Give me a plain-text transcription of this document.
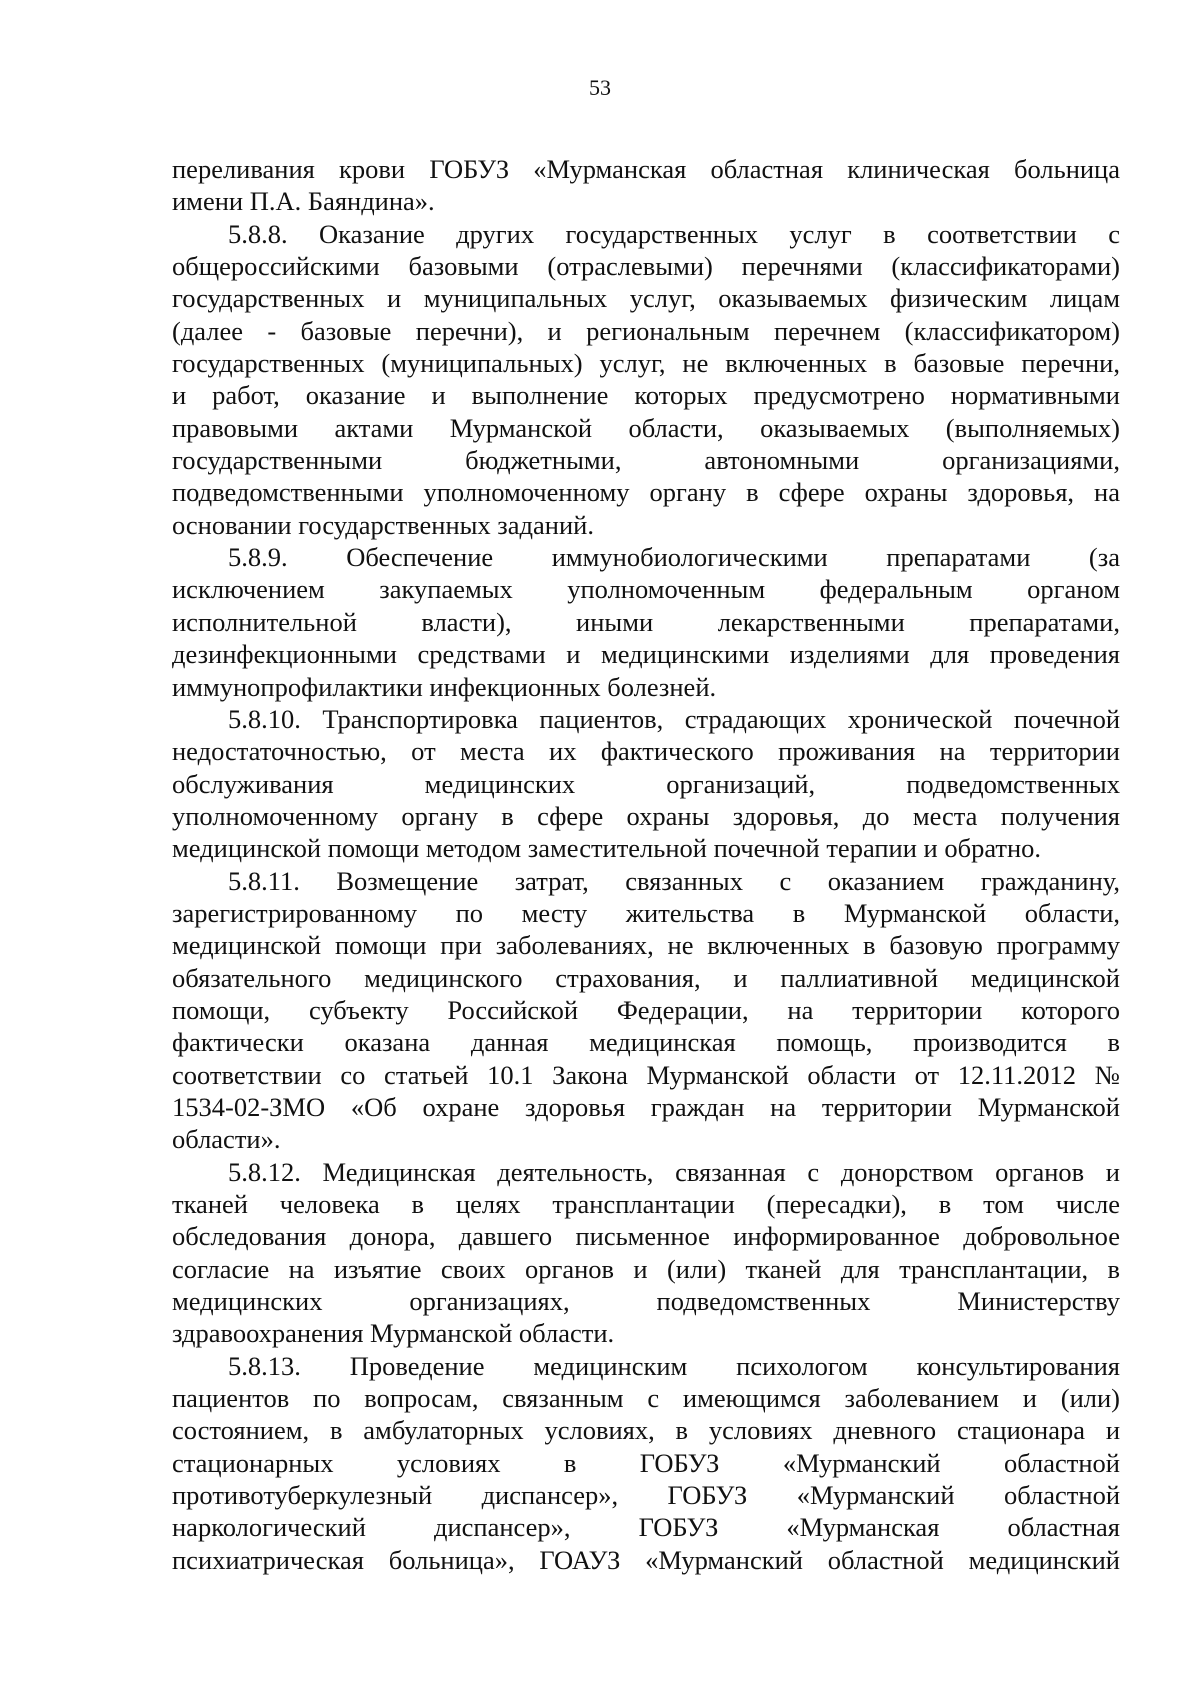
53
переливания крови ГОБУЗ «Мурманская областная клиническая больница
имени П.А. Баяндина».
5.8.8. Оказание других государственных услуг в соответствии с
общероссийскими базовыми (отраслевыми) перечнями (классификаторами)
государственных и муниципальных услуг, оказываемых физическим лицам
(далее - базовые перечни), и региональным перечнем (классификатором)
государственных (муниципальных) услуг, не включенных в базовые перечни,
и работ, оказание и выполнение которых предусмотрено нормативными
правовыми актами Мурманской области, оказываемых (выполняемых)
государственными бюджетными, автономными организациями,
подведомственными уполномоченному органу в сфере охраны здоровья, на
основании государственных заданий.
5.8.9. Обеспечение иммунобиологическими препаратами (за
исключением закупаемых уполномоченным федеральным органом
исполнительной власти), иными лекарственными препаратами,
дезинфекционными средствами и медицинскими изделиями для проведения
иммунопрофилактики инфекционных болезней.
5.8.10. Транспортировка пациентов, страдающих хронической почечной
недостаточностью, от места их фактического проживания на территории
обслуживания медицинских организаций, подведомственных
уполномоченному органу в сфере охраны здоровья, до места получения
медицинской помощи методом заместительной почечной терапии и обратно.
5.8.11. Возмещение затрат, связанных с оказанием гражданину,
зарегистрированному по месту жительства в Мурманской области,
медицинской помощи при заболеваниях, не включенных в базовую программу
обязательного медицинского страхования, и паллиативной медицинской
помощи, субъекту Российской Федерации, на территории которого
фактически оказана данная медицинская помощь, производится в
соответствии со статьей 10.1 Закона Мурманской области от 12.11.2012 №
1534-02-ЗМО «Об охране здоровья граждан на территории Мурманской
области».
5.8.12. Медицинская деятельность, связанная с донорством органов и
тканей человека в целях трансплантации (пересадки), в том числе
обследования донора, давшего письменное информированное добровольное
согласие на изъятие своих органов и (или) тканей для трансплантации, в
медицинских организациях, подведомственных Министерству
здравоохранения Мурманской области.
5.8.13. Проведение медицинским психологом консультирования
пациентов по вопросам, связанным с имеющимся заболеванием и (или)
состоянием, в амбулаторных условиях, в условиях дневного стационара и
стационарных условиях в ГОБУЗ «Мурманский областной
противотуберкулезный диспансер», ГОБУЗ «Мурманский областной
наркологический диспансер», ГОБУЗ «Мурманская областная
психиатрическая больница», ГОАУЗ «Мурманский областной медицинский
